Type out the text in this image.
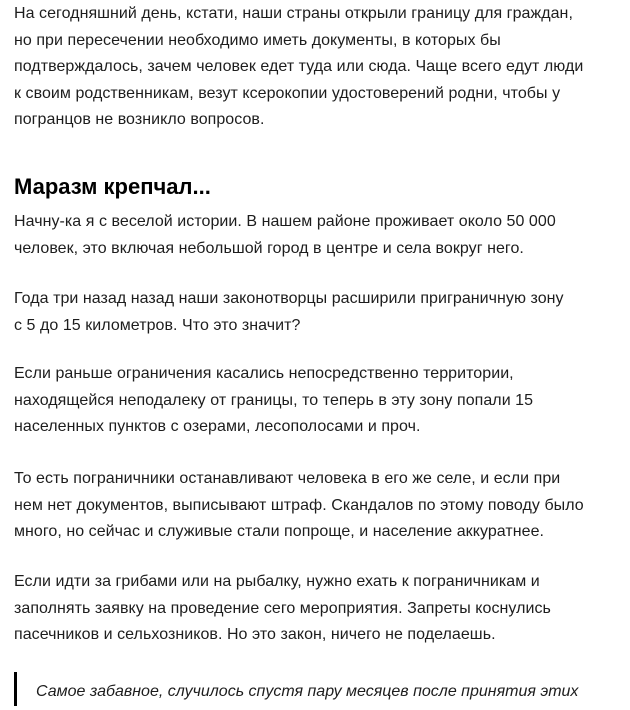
На сегодняшний день, кстати, наши страны открыли границу для граждан,
но при пересечении необходимо иметь документы, в которых бы
подтверждалось, зачем человек едет туда или сюда. Чаще всего едут люди
к своим родственникам, везут ксерокопии удостоверений родни, чтобы у
погранцов не возникло вопросов.

Маразм крепчал...

Начну-ка я с веселой истории. В нашем районе проживает около 50 000
человек, это включая небольшой город в центре и села вокруг него.

Года три назад назад наши законотворцы расширили приграничную зону
с 5 до 15 километров. Что это значит?

Если раньше ограничения касались непосредственно территории,
находящейся неподалеку от границы, то теперь в эту зону попали 15
населенных пунктов с озерами, лесополосами и проч.

То есть пограничники останавливают человека в его же селе, и если при
нем нет документов, выписывают штраф. Скандалов по этому поводу было
много, но сейчас и служивые стали попроще, и население аккуратнее.

Если идти за грибами или на рыбалку, нужно ехать к пограничникам и
заполнять заявку на проведение сего мероприятия. Запреты коснулись
пасечников и сельхозников. Но это закон, ничего не поделаешь.

Самое забавное, случилось спустя пару месяцев после принятия этих
